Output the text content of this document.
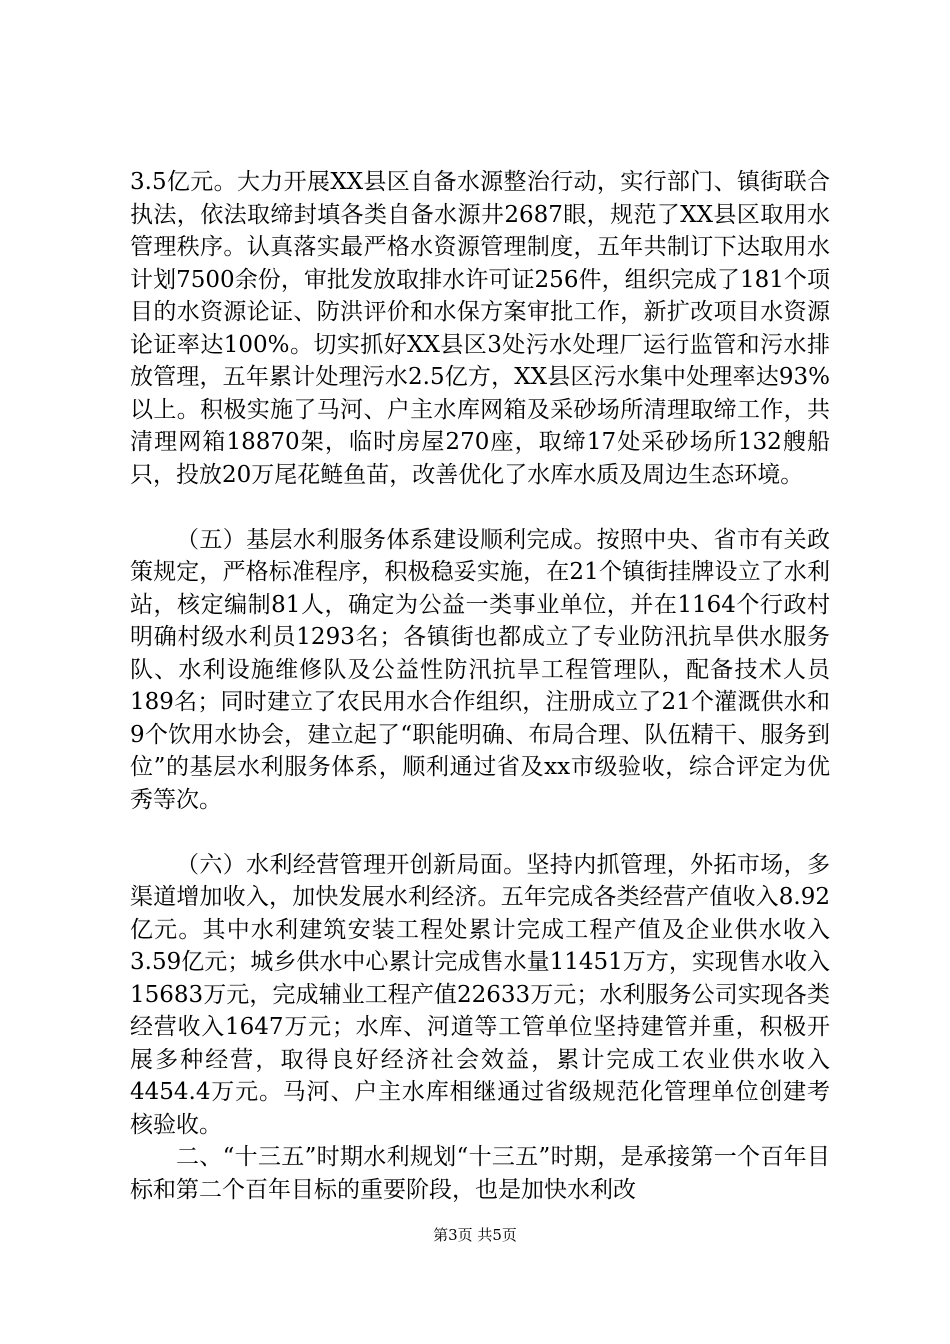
3.5亿元。大力开展XX县区自备水源整治行动，实行部门、镇街联合执法，依法取缔封填各类自备水源井2687眼，规范了XX县区取用水管理秩序。认真落实最严格水资源管理制度，五年共制订下达取用水计划7500余份，审批发放取排水许可证256件，组织完成了181个项目的水资源论证、防洪评价和水保方案审批工作，新扩改项目水资源论证率达100%。切实抓好XX县区3处污水处理厂运行监管和污水排放管理，五年累计处理污水2.5亿方，XX县区污水集中处理率达93%以上。积极实施了马河、户主水库网箱及采砂场所清理取缔工作，共清理网箱18870架，临时房屋270座，取缔17处采砂场所132艘船只，投放20万尾花鲢鱼苗，改善优化了水库水质及周边生态环境。

（五）基层水利服务体系建设顺利完成。按照中央、省市有关政策规定，严格标准程序，积极稳妥实施，在21个镇街挂牌设立了水利站，核定编制81人，确定为公益一类事业单位，并在1164个行政村明确村级水利员1293名；各镇街也都成立了专业防汛抗旱供水服务队、水利设施维修队及公益性防汛抗旱工程管理队，配备技术人员189名；同时建立了农民用水合作组织，注册成立了21个灌溉供水和9个饮用水协会，建立起了“职能明确、布局合理、队伍精干、服务到位”的基层水利服务体系，顺利通过省及xx市级验收，综合评定为优秀等次。

（六）水利经营管理开创新局面。坚持内抓管理，外拓市场，多渠道增加收入，加快发展水利经济。五年完成各类经营产值收入8.92亿元。其中水利建筑安装工程处累计完成工程产值及企业供水收入3.59亿元；城乡供水中心累计完成售水量11451万方，实现售水收入15683万元，完成辅业工程产值22633万元；水利服务公司实现各类经营收入1647万元；水库、河道等工管单位坚持建管并重，积极开展多种经营，取得良好经济社会效益，累计完成工农业供水收入4454.4万元。马河、户主水库相继通过省级规范化管理单位创建考核验收。

二、“十三五”时期水利规划“十三五”时期，是承接第一个百年目标和第二个百年目标的重要阶段，也是加快水利改

第3页 共5页
